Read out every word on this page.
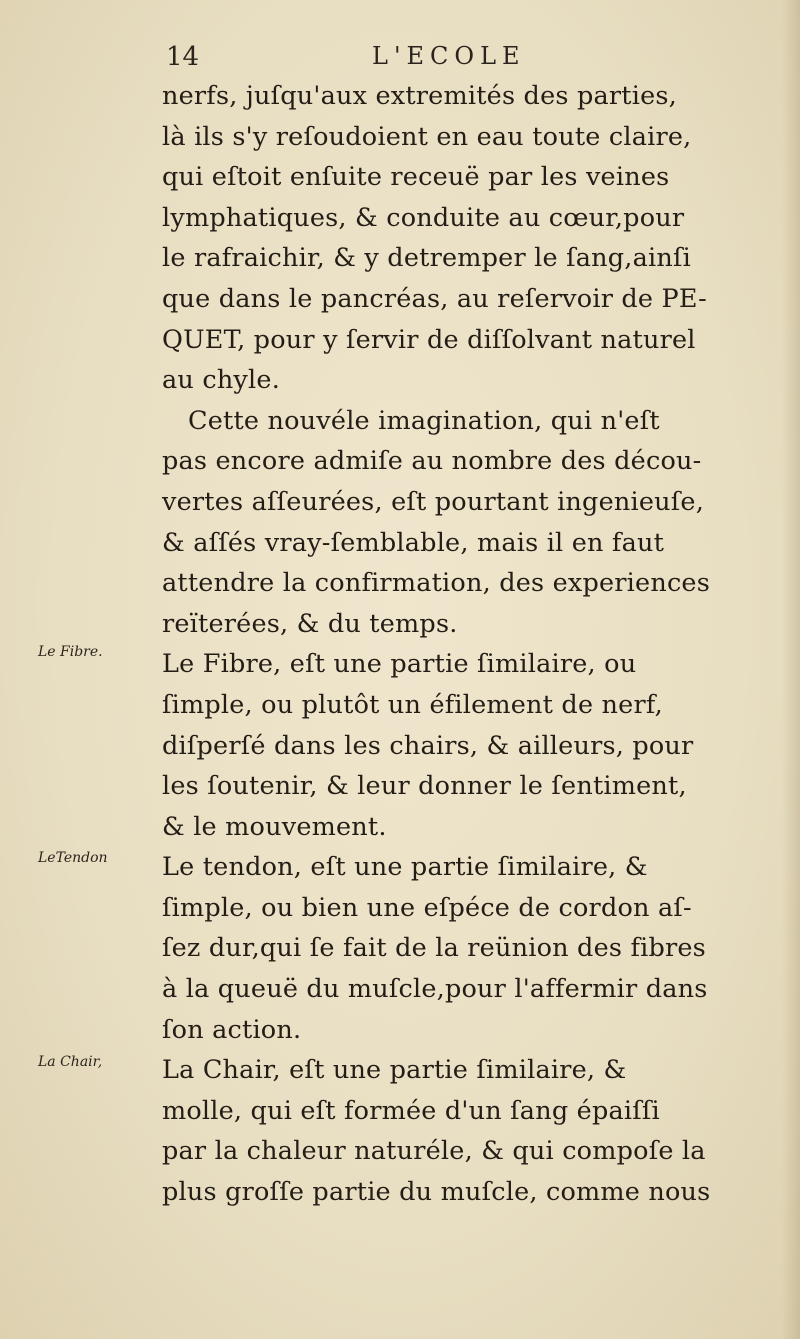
14	L'ECOLE
Le Fibre.
LeTendon
La Chair,
nerfs, juſqu'aux extremités des parties,
là ils s'y reſoudoient en eau toute claire,
qui eſtoit enſuite receuë par les veines
lymphatiques, & conduite au cœur,pour
le rafraichir, & y detremper le ſang,ainſi
que dans le pancréas, au reſervoir de PE-
QUET, pour y ſervir de diſſolvant naturel
au chyle.
Cette nouvéle imagination, qui n'eſt
pas encore admiſe au nombre des décou-
vertes aſſeurées, eſt pourtant ingenieuſe,
& aſſés vray-ſemblable, mais il en faut
attendre la confirmation, des experiences
reïterées, & du temps.
Le Fibre, eſt une partie ſimilaire, ou
ſimple, ou plutôt un éfilement de nerf,
diſperſé dans les chairs, & ailleurs, pour
les ſoutenir, & leur donner le ſentiment,
& le mouvement.
Le tendon, eſt une partie ſimilaire, &
ſimple, ou bien une eſpéce de cordon aſ-
ſez dur,qui ſe fait de la reünion des fibres
à la queuë du muſcle,pour l'affermir dans
ſon action.
La Chair, eſt une partie ſimilaire, &
molle, qui eſt formée d'un ſang épaiſſi
par la chaleur naturéle, & qui compoſe la
plus groſſe partie du muſcle, comme nous
